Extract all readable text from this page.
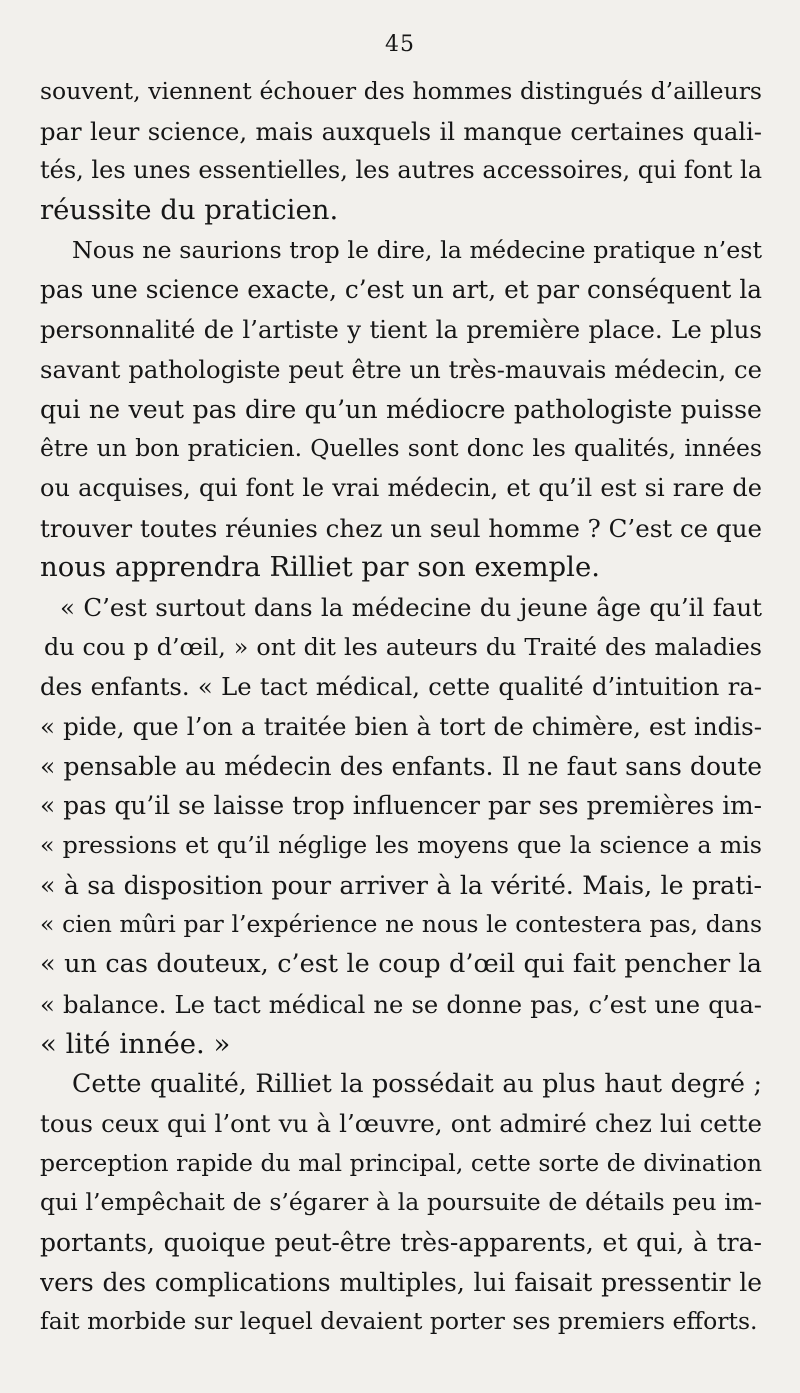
45
souvent, viennent échouer des hommes distingués d’ailleurs
par leur science, mais auxquels il manque certaines quali-
tés, les unes essentielles, les autres accessoires, qui font la
réussite du praticien.
Nous ne saurions trop le dire, la médecine pratique n’est
pas une science exacte, c’est un art, et par conséquent la
personnalité de l’artiste y tient la première place. Le plus
savant pathologiste peut être un très-mauvais médecin, ce
qui ne veut pas dire qu’un médiocre pathologiste puisse
être un bon praticien. Quelles sont donc les qualités, innées
ou acquises, qui font le vrai médecin, et qu’il est si rare de
trouver toutes réunies chez un seul homme ? C’est ce que
nous apprendra Rilliet par son exemple.
« C’est surtout dans la médecine du jeune âge qu’il faut
du cou p d’œil, » ont dit les auteurs du Traité des maladies
des enfants. « Le tact médical, cette qualité d’intuition ra-
« pide, que l’on a traitée bien à tort de chimère, est indis-
« pensable au médecin des enfants. Il ne faut sans doute
« pas qu’il se laisse trop influencer par ses premières im-
« pressions et qu’il néglige les moyens que la science a mis
« à sa disposition pour arriver à la vérité. Mais, le prati-
« cien mûri par l’expérience ne nous le contestera pas, dans
« un cas douteux, c’est le coup d’œil qui fait pencher la
« balance. Le tact médical ne se donne pas, c’est une qua-
« lité innée. »
Cette qualité, Rilliet la possédait au plus haut degré ;
tous ceux qui l’ont vu à l’œuvre, ont admiré chez lui cette
perception rapide du mal principal, cette sorte de divination
qui l’empêchait de s’égarer à la poursuite de détails peu im-
portants, quoique peut-être très-apparents, et qui, à tra-
vers des complications multiples, lui faisait pressentir le
fait morbide sur lequel devaient porter ses premiers efforts.
